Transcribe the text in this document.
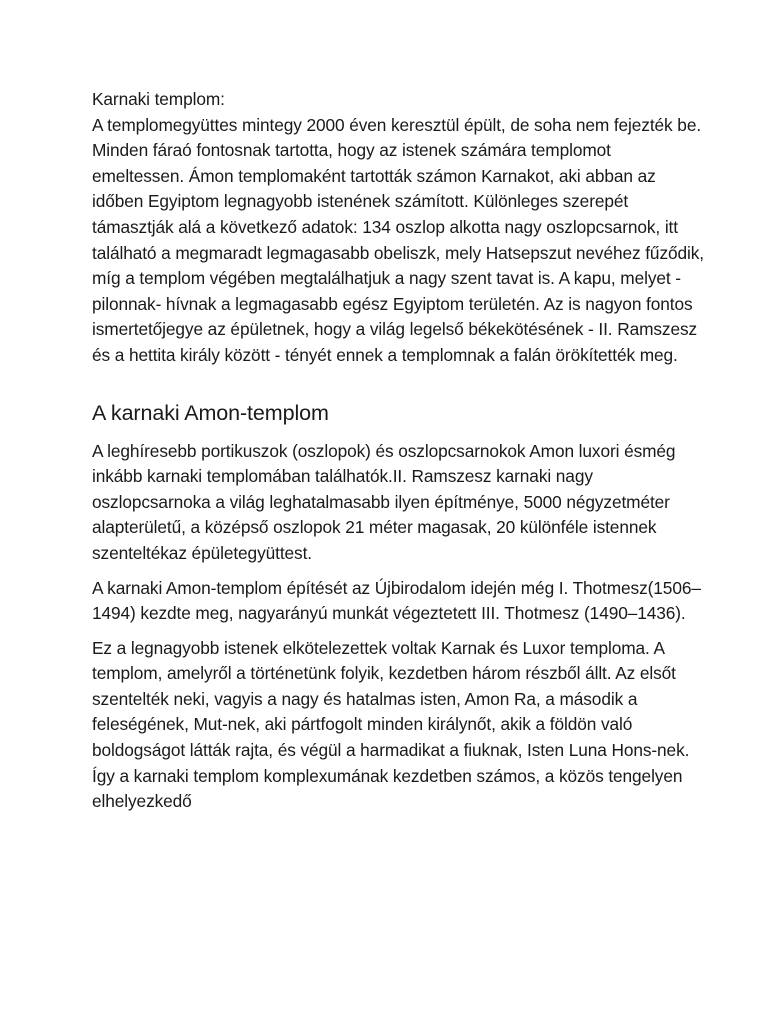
Karnaki templom:

A templomegyüttes mintegy 2000 éven keresztül épült, de soha nem fejezték be. Minden fáraó fontosnak tartotta, hogy az istenek számára templomot emeltessen. Ámon templomaként tartották számon Karnakot, aki abban az időben Egyiptom legnagyobb istenének számított. Különleges szerepét támasztják alá a következő adatok: 134 oszlop alkotta nagy oszlopcsarnok, itt található a megmaradt legmagasabb obeliszk, mely Hatsepszut nevéhez fűződik, míg a templom végében megtalálhatjuk a nagy szent tavat is. A kapu, melyet -pilonnak- hívnak a legmagasabb egész Egyiptom területén. Az is nagyon fontos ismertetőjegye az épületnek, hogy a világ legelső békekötésének - II. Ramszesz és a hettita király között - tényét ennek a templomnak a falán örökítették meg.

A karnaki Amon-templom

A leghíresebb portikuszok (oszlopok) és oszlopcsarnokok Amon luxori ésmég inkább karnaki templomában találhatók.II. Ramszesz karnaki nagy oszlopcsarnoka a világ leghatalmasabb ilyen építménye, 5000 négyzetméter alapterületű, a középső oszlopok 21 méter magasak, 20 különféle istennek szenteltékaz épületegyüttest.

A karnaki Amon-templom építését az Újbirodalom idején még I. Thotmesz(1506–1494) kezdte meg, nagyarányú munkát végeztetett III. Thotmesz (1490–1436).

Ez a legnagyobb istenek elkötelezettek voltak Karnak és Luxor temploma. A templom, amelyről a történetünk folyik, kezdetben három részből állt. Az elsőt szentelték neki, vagyis a nagy és hatalmas isten, Amon Ra, a második a feleségének, Mut-nek, aki pártfogolt minden királynőt, akik a földön való boldogságot látták rajta, és végül a harmadikat a fiuknak, Isten Luna Hons-nek. Így a karnaki templom komplexumának kezdetben számos, a közös tengelyen elhelyezkedő
